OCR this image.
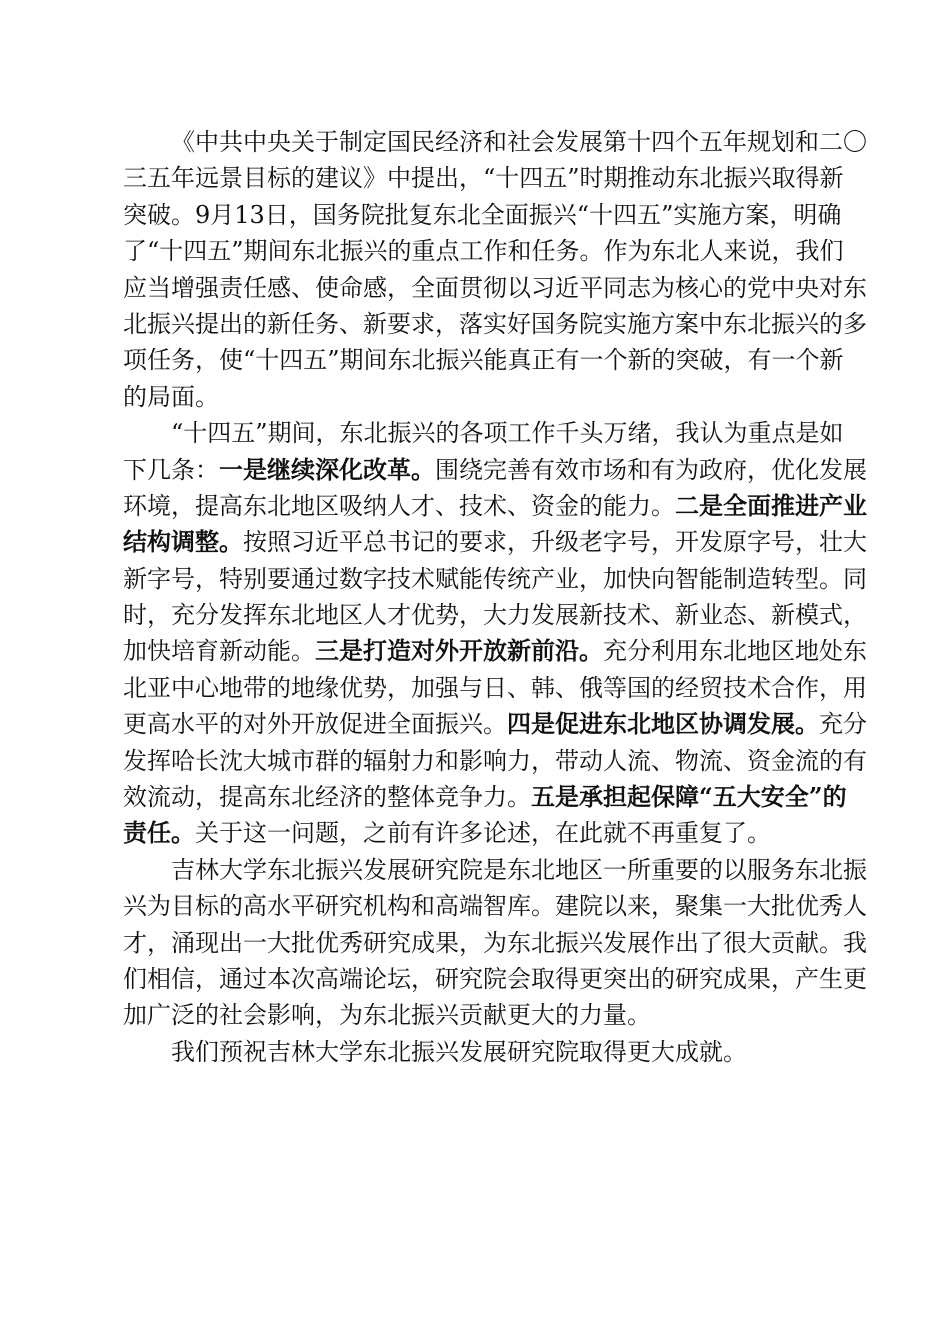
《中共中央关于制定国民经济和社会发展第十四个五年规划和二〇
三五年远景目标的建议》中提出，“十四五”时期推动东北振兴取得新
突破。9月13日，国务院批复东北全面振兴“十四五”实施方案，明确
了“十四五”期间东北振兴的重点工作和任务。作为东北人来说，我们
应当增强责任感、使命感，全面贯彻以习近平同志为核心的党中央对东
北振兴提出的新任务、新要求，落实好国务院实施方案中东北振兴的多
项任务，使“十四五”期间东北振兴能真正有一个新的突破，有一个新
的局面。
“十四五”期间，东北振兴的各项工作千头万绪，我认为重点是如
下几条：一是继续深化改革。围绕完善有效市场和有为政府，优化发展
环境，提高东北地区吸纳人才、技术、资金的能力。二是全面推进产业
结构调整。按照习近平总书记的要求，升级老字号，开发原字号，壮大
新字号，特别要通过数字技术赋能传统产业，加快向智能制造转型。同
时，充分发挥东北地区人才优势，大力发展新技术、新业态、新模式，
加快培育新动能。三是打造对外开放新前沿。充分利用东北地区地处东
北亚中心地带的地缘优势，加强与日、韩、俄等国的经贸技术合作，用
更高水平的对外开放促进全面振兴。四是促进东北地区协调发展。充分
发挥哈长沈大城市群的辐射力和影响力，带动人流、物流、资金流的有
效流动，提高东北经济的整体竞争力。五是承担起保障“五大安全”的
责任。关于这一问题，之前有许多论述，在此就不再重复了。
吉林大学东北振兴发展研究院是东北地区一所重要的以服务东北振
兴为目标的高水平研究机构和高端智库。建院以来，聚集一大批优秀人
才，涌现出一大批优秀研究成果，为东北振兴发展作出了很大贡献。我
们相信，通过本次高端论坛，研究院会取得更突出的研究成果，产生更
加广泛的社会影响，为东北振兴贡献更大的力量。
我们预祝吉林大学东北振兴发展研究院取得更大成就。
